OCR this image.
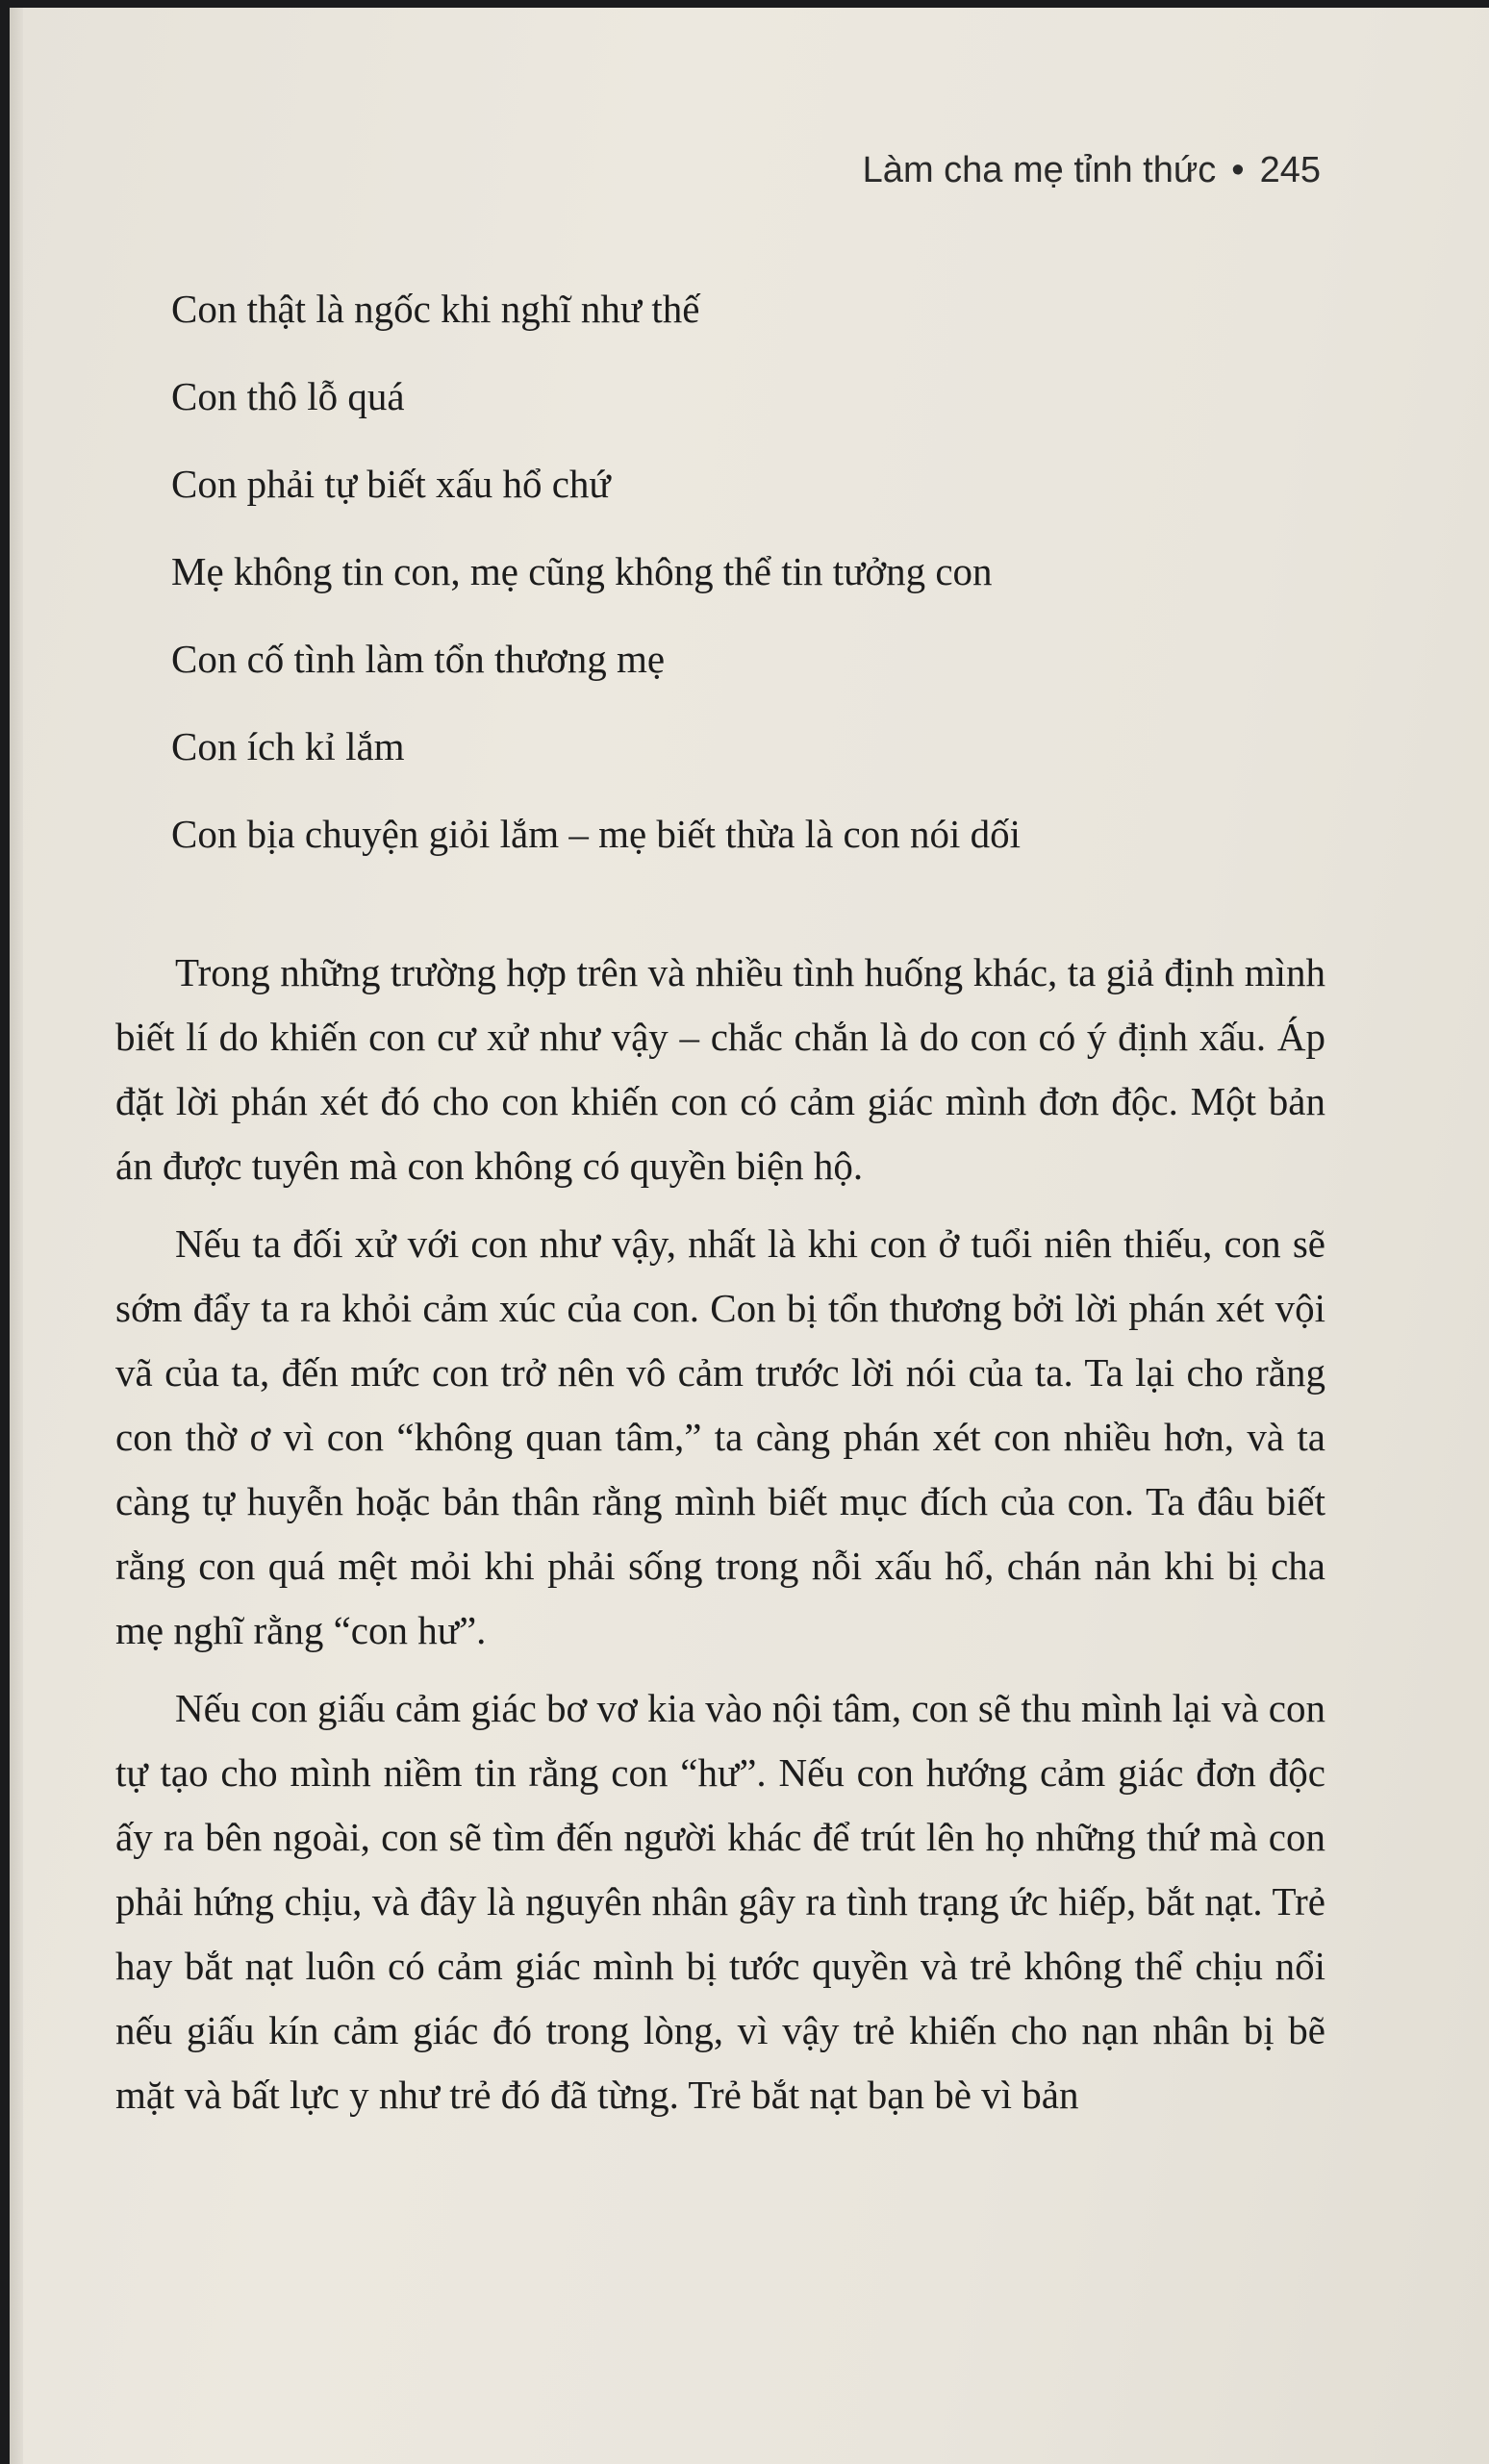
Làm cha mẹ tỉnh thức • 245
Con thật là ngốc khi nghĩ như thế
Con thô lỗ quá
Con phải tự biết xấu hổ chứ
Mẹ không tin con, mẹ cũng không thể tin tưởng con
Con cố tình làm tổn thương mẹ
Con ích kỉ lắm
Con bịa chuyện giỏi lắm – mẹ biết thừa là con nói dối

Trong những trường hợp trên và nhiều tình huống khác, ta giả định mình biết lí do khiến con cư xử như vậy – chắc chắn là do con có ý định xấu. Áp đặt lời phán xét đó cho con khiến con có cảm giác mình đơn độc. Một bản án được tuyên mà con không có quyền biện hộ.

Nếu ta đối xử với con như vậy, nhất là khi con ở tuổi niên thiếu, con sẽ sớm đẩy ta ra khỏi cảm xúc của con. Con bị tổn thương bởi lời phán xét vội vã của ta, đến mức con trở nên vô cảm trước lời nói của ta. Ta lại cho rằng con thờ ơ vì con “không quan tâm,” ta càng phán xét con nhiều hơn, và ta càng tự huyễn hoặc bản thân rằng mình biết mục đích của con. Ta đâu biết rằng con quá mệt mỏi khi phải sống trong nỗi xấu hổ, chán nản khi bị cha mẹ nghĩ rằng “con hư”.

Nếu con giấu cảm giác bơ vơ kia vào nội tâm, con sẽ thu mình lại và con tự tạo cho mình niềm tin rằng con “hư”. Nếu con hướng cảm giác đơn độc ấy ra bên ngoài, con sẽ tìm đến người khác để trút lên họ những thứ mà con phải hứng chịu, và đây là nguyên nhân gây ra tình trạng ức hiếp, bắt nạt. Trẻ hay bắt nạt luôn có cảm giác mình bị tước quyền và trẻ không thể chịu nổi nếu giấu kín cảm giác đó trong lòng, vì vậy trẻ khiến cho nạn nhân bị bẽ mặt và bất lực y như trẻ đó đã từng. Trẻ bắt nạt bạn bè vì bản
